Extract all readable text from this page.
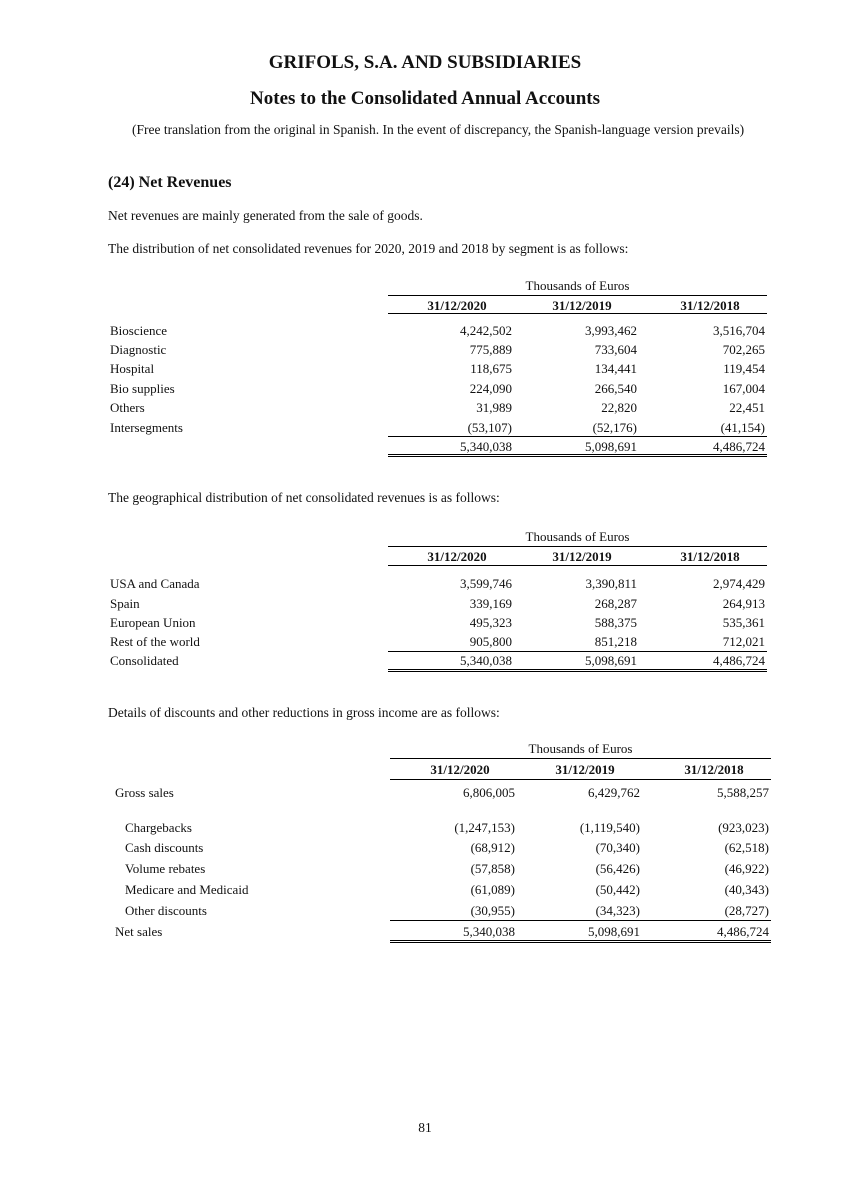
GRIFOLS, S.A. AND SUBSIDIARIES
Notes to the Consolidated Annual Accounts
(Free translation from the original in Spanish. In the event of discrepancy, the Spanish-language version prevails)
(24) Net Revenues
Net revenues are mainly generated from the sale of goods.
The distribution of net consolidated revenues for 2020, 2019 and 2018 by segment is as follows:
The geographical distribution of net consolidated revenues is as follows:
Details of discounts and other reductions in gross income are as follows:
Thousands of Euros
31/12/2020	31/12/2019	31/12/2018
Bioscience	4,242,502	3,993,462	3,516,704
Diagnostic	775,889	733,604	702,265
Hospital	118,675	134,441	119,454
Bio supplies	224,090	266,540	167,004
Others	31,989	22,820	22,451
Intersegments	(53,107)	(52,176)	(41,154)
5,340,038	5,098,691	4,486,724
Thousands of Euros
31/12/2020	31/12/2019	31/12/2018
USA and Canada	3,599,746	3,390,811	2,974,429
Spain	339,169	268,287	264,913
European Union	495,323	588,375	535,361
Rest of the world	905,800	851,218	712,021
Consolidated	5,340,038	5,098,691	4,486,724
Thousands of Euros
31/12/2020	31/12/2019	31/12/2018
Gross sales	6,806,005	6,429,762	5,588,257
Chargebacks	(1,247,153)	(1,119,540)	(923,023)
Cash discounts	(68,912)	(70,340)	(62,518)
Volume rebates	(57,858)	(56,426)	(46,922)
Medicare and Medicaid	(61,089)	(50,442)	(40,343)
Other discounts	(30,955)	(34,323)	(28,727)
Net sales	5,340,038	5,098,691	4,486,724
81
